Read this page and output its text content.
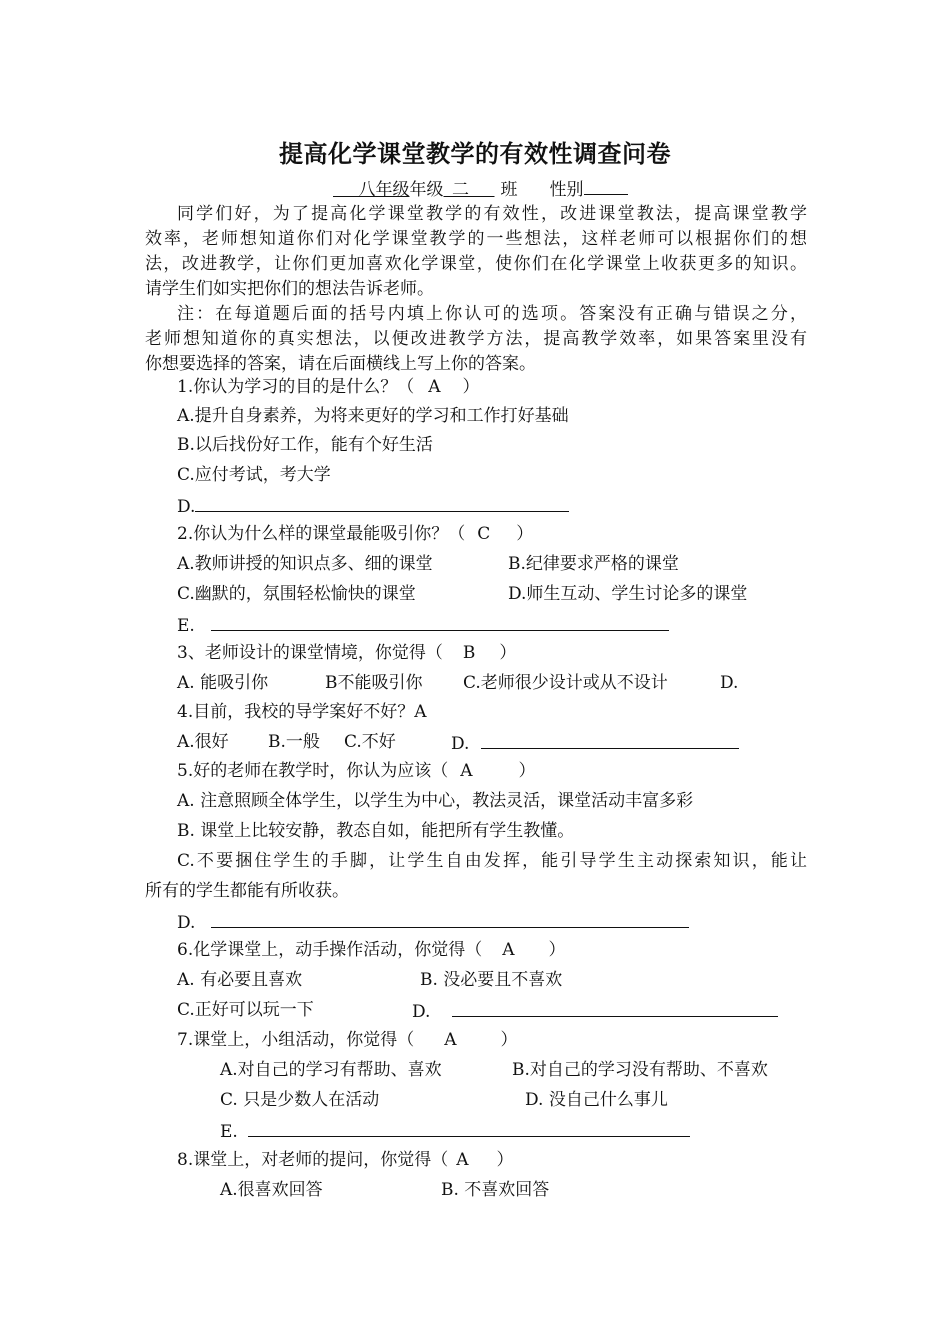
提高化学课堂教学的有效性调查问卷
  八年级年级  二   班 性别
同学们好，为了提高化学课堂教学的有效性，改进课堂教法，提高课堂教学
效率，老师想知道你们对化学课堂教学的一些想法，这样老师可以根据你们的想
法，改进教学，让你们更加喜欢化学课堂，使你们在化学课堂上收获更多的知识。
请学生们如实把你们的想法告诉老师。
注：在每道题后面的括号内填上你认可的选项。答案没有正确与错误之分，
老师想知道你的真实想法，以便改进教学方法，提高教学效率，如果答案里没有
你想要选择的答案，请在后面横线上写上你的答案。
1.你认为学习的目的是什么？（ A ）
A.提升自身素养，为将来更好的学习和工作打好基础
B.以后找份好工作，能有个好生活
C.应付考试，考大学
D.
2.你认为什么样的课堂最能吸引你？（ C ）
A.教师讲授的知识点多、细的课堂	B.纪律要求严格的课堂
C.幽默的，氛围轻松愉快的课堂	D.师生互动、学生讨论多的课堂
E.
3、老师设计的课堂情境，你觉得（ B ）
A. 能吸引你	B不能吸引你 C.老师很少设计或从不设计	D.
4.目前，我校的导学案好不好？A
A.很好 B.一般 C.不好	D.
5.好的老师在教学时，你认为应该（ A	）
A. 注意照顾全体学生，以学生为中心，教法灵活，课堂活动丰富多彩
B. 课堂上比较安静，教态自如，能把所有学生教懂。
C.不要捆住学生的手脚，让学生自由发挥，能引导学生主动探索知识，能让
所有的学生都能有所收获。
D.
6.化学课堂上，动手操作活动，你觉得（ A ）
A. 有必要且喜欢	B. 没必要且不喜欢
C.正好可以玩一下	D.
7.课堂上，小组活动，你觉得（ A	）
A.对自己的学习有帮助、喜欢	B.对自己的学习没有帮助、不喜欢
C. 只是少数人在活动	D. 没自己什么事儿
E.
8.课堂上，对老师的提问，你觉得（ A ）
A.很喜欢回答	B. 不喜欢回答
